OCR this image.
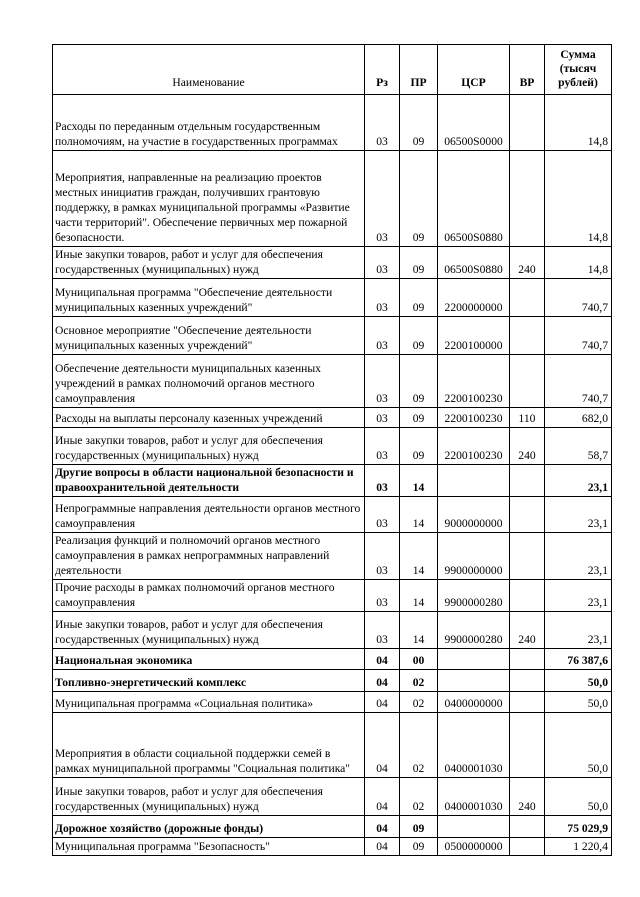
Наименование	Рз	ПР	ЦСР	ВР	Сумма
(тысяч
рублей)

Расходы по переданным отдельным государственным полномочиям, на участие в государственных программах	03	09	06500S0000		14,8
Мероприятия, направленные на реализацию проектов местных инициатив граждан, получивших грантовую поддержку, в рамках муниципальной программы «Развитие части территорий". Обеспечение первичных мер пожарной безопасности.	03	09	06500S0880		14,8
Иные закупки товаров, работ и услуг для обеспечения государственных (муниципальных) нужд	03	09	06500S0880	240	14,8
Муниципальная программа "Обеспечение деятельности муниципальных казенных учреждений"	03	09	2200000000		740,7
Основное мероприятие "Обеспечение деятельности муниципальных казенных учреждений"	03	09	2200100000		740,7
Обеспечение деятельности муниципальных казенных учреждений в рамках полномочий органов местного самоуправления	03	09	2200100230		740,7
Расходы на выплаты персоналу казенных учреждений	03	09	2200100230	110	682,0
Иные закупки товаров, работ и услуг для обеспечения государственных (муниципальных) нужд	03	09	2200100230	240	58,7
Другие вопросы в области национальной безопасности и правоохранительной деятельности	03	14			23,1
Непрограммные направления деятельности органов местного самоуправления	03	14	9000000000		23,1
Реализация функций и полномочий органов местного самоуправления в рамках непрограммных направлений деятельности	03	14	9900000000		23,1
Прочие расходы в рамках полномочий органов местного самоуправления	03	14	9900000280		23,1
Иные закупки товаров, работ и услуг для обеспечения государственных (муниципальных) нужд	03	14	9900000280	240	23,1
Национальная экономика	04	00			76 387,6
Топливно-энергетический комплекс	04	02			50,0
Муниципальная программа «Социальная политика»	04	02	0400000000		50,0
Мероприятия в области социальной поддержки семей в рамках муниципальной программы "Социальная политика"	04	02	0400001030		50,0
Иные закупки товаров, работ и услуг для обеспечения государственных (муниципальных) нужд	04	02	0400001030	240	50,0
Дорожное хозяйство (дорожные фонды)	04	09			75 029,9
Муниципальная программа "Безопасность"	04	09	0500000000		1 220,4
